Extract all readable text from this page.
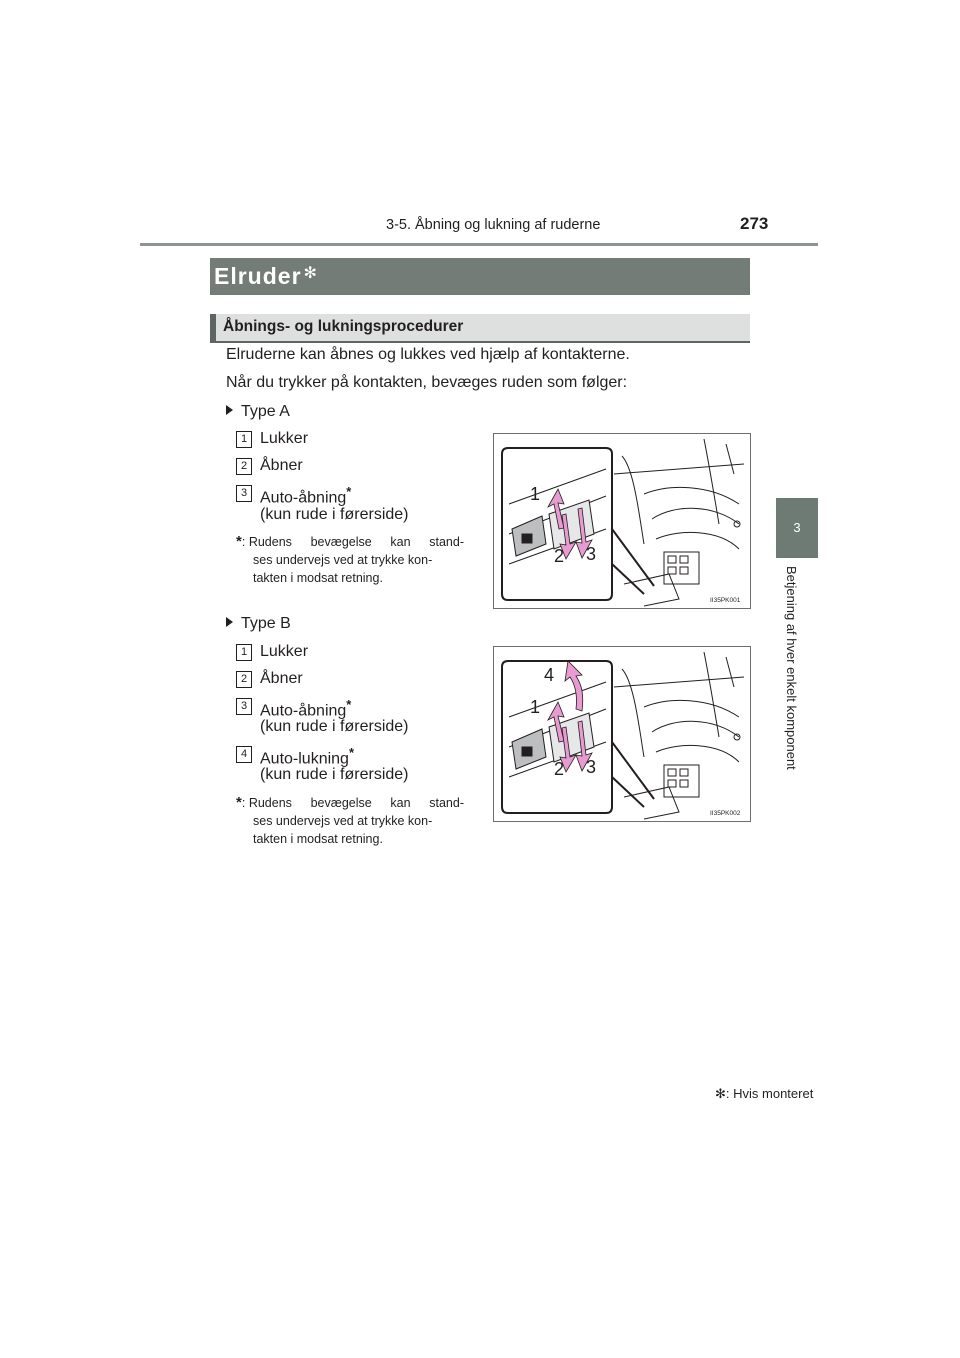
3-5. Åbning og lukning af ruderne	273
3
Betjening af hver enkelt komponent
Elruder ✻
Åbnings- og lukningsprocedurer
Elruderne kan åbnes og lukkes ved hjælp af kontakterne.
Når du trykker på kontakten, bevæges ruden som følger:
Type A
1 Lukker
2 Åbner
3 Auto-åbning*
(kun rude i førerside)
*: Rudens bevægelse kan stand-
ses undervejs ved at trykke kon-
takten i modsat retning.
1
2 3
II35PK001
Type B
1 Lukker
2 Åbner
3 Auto-åbning*
(kun rude i førerside)
4 Auto-lukning*
(kun rude i førerside)
*: Rudens bevægelse kan stand-
ses undervejs ved at trykke kon-
takten i modsat retning.
4
1
2 3
II35PK002
✻: Hvis monteret
